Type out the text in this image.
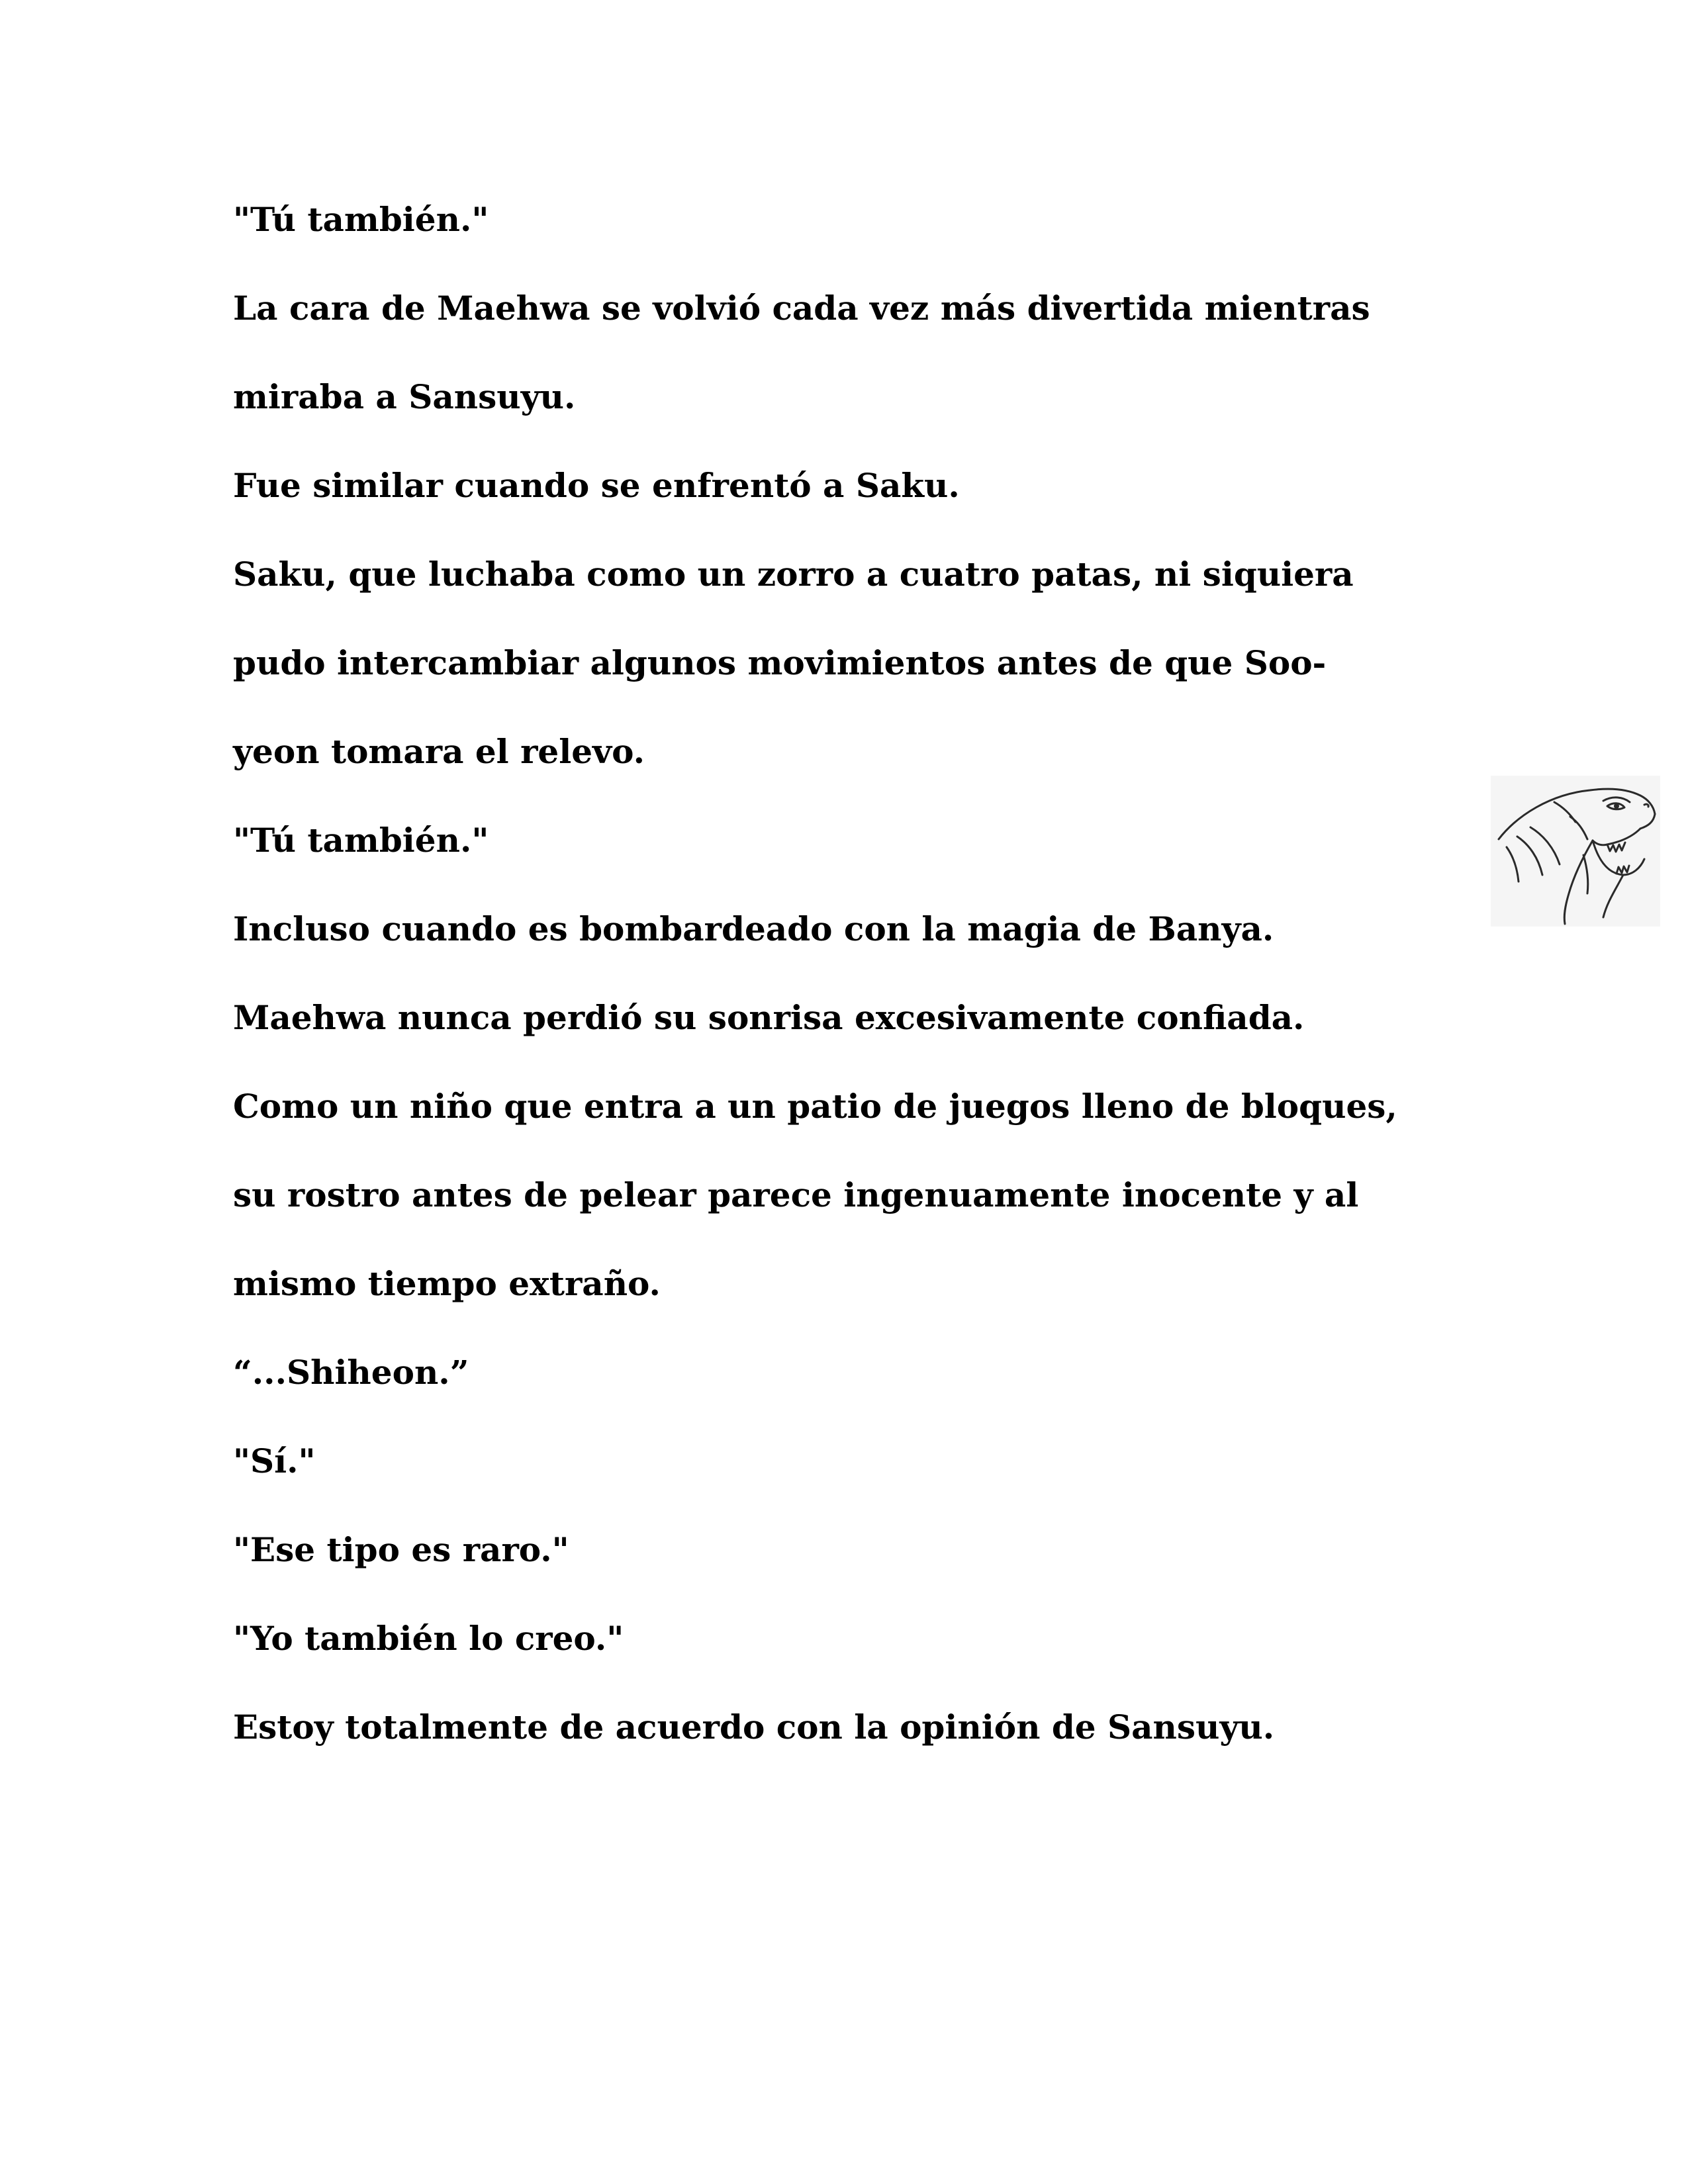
"Tú también."
La cara de Maehwa se volvió cada vez más divertida mientras
miraba a Sansuyu.
Fue similar cuando se enfrentó a Saku.
Saku, que luchaba como un zorro a cuatro patas, ni siquiera
pudo intercambiar algunos movimientos antes de que Soo-
yeon tomara el relevo.
"Tú también."
Incluso cuando es bombardeado con la magia de Banya.
Maehwa nunca perdió su sonrisa excesivamente confiada.
Como un niño que entra a un patio de juegos lleno de bloques,
su rostro antes de pelear parece ingenuamente inocente y al
mismo tiempo extraño.
“...Shiheon.”
"Sí."
"Ese tipo es raro."
"Yo también lo creo."
Estoy totalmente de acuerdo con la opinión de Sansuyu.
